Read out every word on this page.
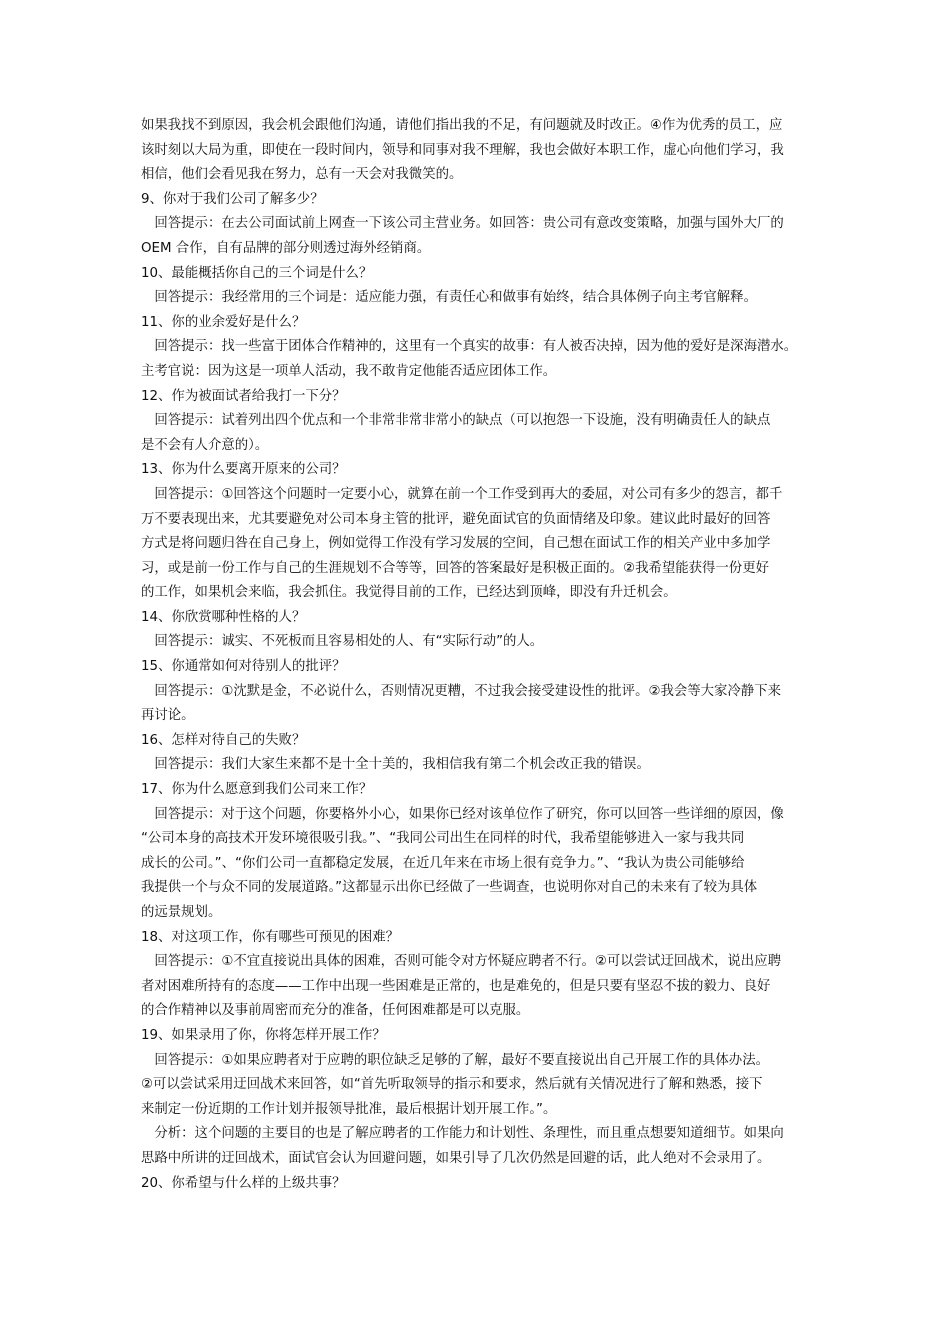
如果我找不到原因，我会机会跟他们沟通，请他们指出我的不足，有问题就及时改正。④作为优秀的员工，应
该时刻以大局为重，即使在一段时间内，领导和同事对我不理解，我也会做好本职工作，虚心向他们学习，我
相信，他们会看见我在努力，总有一天会对我微笑的。
9、你对于我们公司了解多少？
　回答提示：在去公司面试前上网查一下该公司主营业务。如回答：贵公司有意改变策略，加强与国外大厂的
OEM 合作，自有品牌的部分则透过海外经销商。
10、最能概括你自己的三个词是什么？
　回答提示：我经常用的三个词是：适应能力强，有责任心和做事有始终，结合具体例子向主考官解释。
11、你的业余爱好是什么？
　回答提示：找一些富于团体合作精神的，这里有一个真实的故事：有人被否决掉，因为他的爱好是深海潜水。
主考官说：因为这是一项单人活动，我不敢肯定他能否适应团体工作。
12、作为被面试者给我打一下分？
　回答提示：试着列出四个优点和一个非常非常非常小的缺点（可以抱怨一下设施，没有明确责任人的缺点
是不会有人介意的）。
13、你为什么要离开原来的公司？
　回答提示：①回答这个问题时一定要小心，就算在前一个工作受到再大的委屈，对公司有多少的怨言，都千
万不要表现出来，尤其要避免对公司本身主管的批评，避免面试官的负面情绪及印象。建议此时最好的回答
方式是将问题归咎在自己身上，例如觉得工作没有学习发展的空间，自己想在面试工作的相关产业中多加学
习，或是前一份工作与自己的生涯规划不合等等，回答的答案最好是积极正面的。②我希望能获得一份更好
的工作，如果机会来临，我会抓住。我觉得目前的工作，已经达到顶峰，即没有升迁机会。
14、你欣赏哪种性格的人？
　回答提示：诚实、不死板而且容易相处的人、有“实际行动”的人。
15、你通常如何对待别人的批评？
　回答提示：①沈默是金，不必说什么，否则情况更糟，不过我会接受建设性的批评。②我会等大家冷静下来
再讨论。
16、怎样对待自己的失败？
　回答提示：我们大家生来都不是十全十美的，我相信我有第二个机会改正我的错误。
17、你为什么愿意到我们公司来工作？
　回答提示：对于这个问题，你要格外小心，如果你已经对该单位作了研究，你可以回答一些详细的原因，像
“公司本身的高技术开发环境很吸引我。”、“我同公司出生在同样的时代，我希望能够进入一家与我共同
成长的公司。”、“你们公司一直都稳定发展，在近几年来在市场上很有竞争力。”、“我认为贵公司能够给
我提供一个与众不同的发展道路。”这都显示出你已经做了一些调查，也说明你对自己的未来有了较为具体
的远景规划。
18、对这项工作，你有哪些可预见的困难？
　回答提示：①不宜直接说出具体的困难，否则可能令对方怀疑应聘者不行。②可以尝试迂回战术，说出应聘
者对困难所持有的态度——工作中出现一些困难是正常的，也是难免的，但是只要有坚忍不拔的毅力、良好
的合作精神以及事前周密而充分的准备，任何困难都是可以克服。
19、如果录用了你，你将怎样开展工作？
　回答提示：①如果应聘者对于应聘的职位缺乏足够的了解，最好不要直接说出自己开展工作的具体办法。
②可以尝试采用迂回战术来回答，如“首先听取领导的指示和要求，然后就有关情况进行了解和熟悉，接下
来制定一份近期的工作计划并报领导批准，最后根据计划开展工作。”。
　分析：这个问题的主要目的也是了解应聘者的工作能力和计划性、条理性，而且重点想要知道细节。如果向
思路中所讲的迂回战术，面试官会认为回避问题，如果引导了几次仍然是回避的话，此人绝对不会录用了。
20、你希望与什么样的上级共事？
